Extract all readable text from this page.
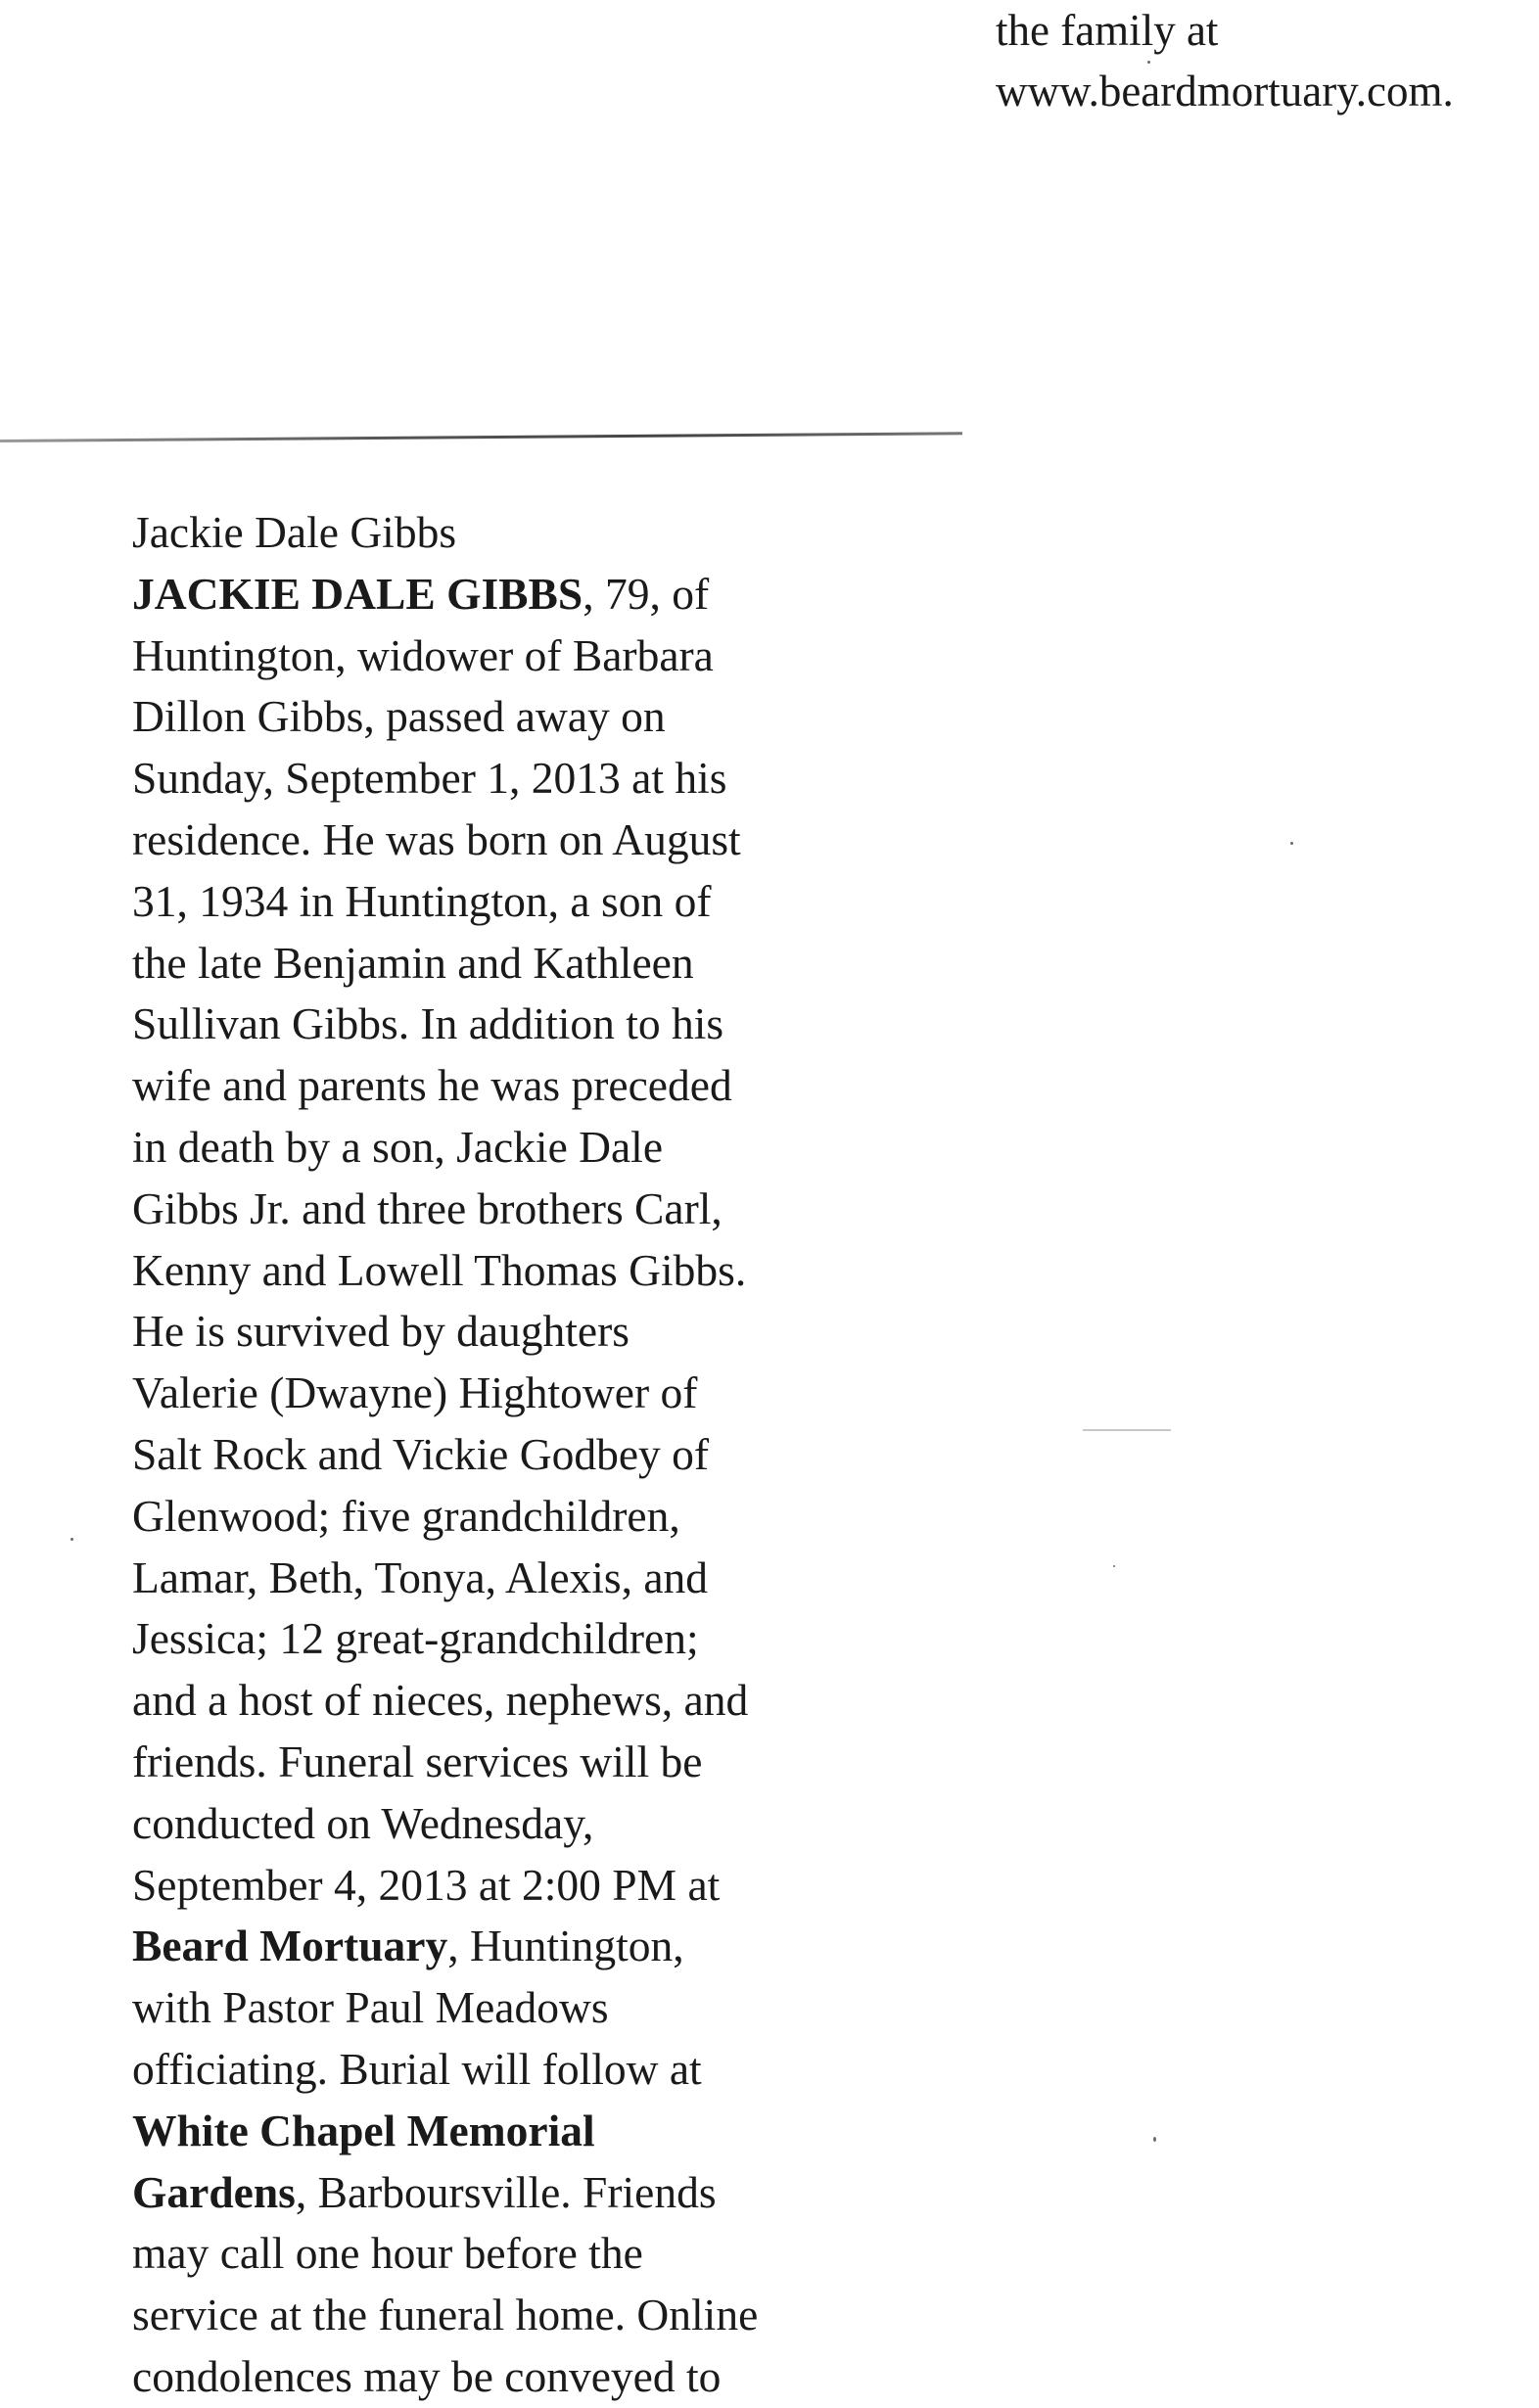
the family at
www.beardmortuary.com.
Jackie Dale Gibbs
JACKIE DALE GIBBS, 79, of
Huntington, widower of Barbara
Dillon Gibbs, passed away on
Sunday, September 1, 2013 at his
residence. He was born on August
31, 1934 in Huntington, a son of
the late Benjamin and Kathleen
Sullivan Gibbs. In addition to his
wife and parents he was preceded
in death by a son, Jackie Dale
Gibbs Jr. and three brothers Carl,
Kenny and Lowell Thomas Gibbs.
He is survived by daughters
Valerie (Dwayne) Hightower of
Salt Rock and Vickie Godbey of
Glenwood; five grandchildren,
Lamar, Beth, Tonya, Alexis, and
Jessica; 12 great-grandchildren;
and a host of nieces, nephews, and
friends. Funeral services will be
conducted on Wednesday,
September 4, 2013 at 2:00 PM at
Beard Mortuary, Huntington,
with Pastor Paul Meadows
officiating. Burial will follow at
White Chapel Memorial
Gardens, Barboursville. Friends
may call one hour before the
service at the funeral home. Online
condolences may be conveyed to
